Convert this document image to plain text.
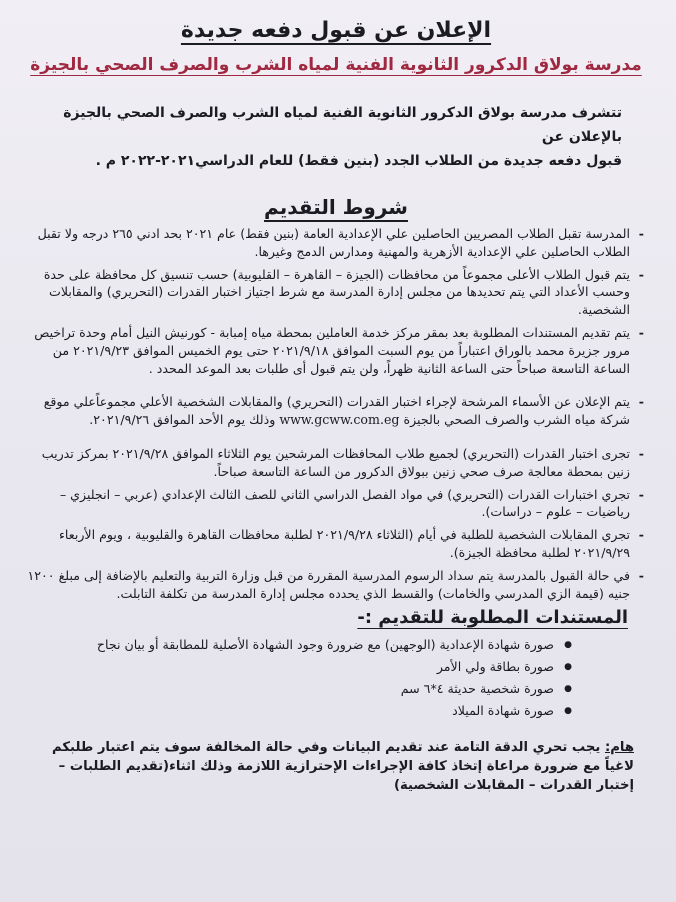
الإعلان عن قبول دفعه جديدة
مدرسة بولاق الدكرور الثانوية الفنية لمياه الشرب والصرف الصحي بالجيزة
تتشرف مدرسة بولاق الدكرور الثانوية الفنية لمياه الشرب والصرف الصحي بالجيزة بالإعلان عن
قبول دفعه جديدة من الطلاب الجدد (بنين فقط) للعام الدراسي٢٠٢١-٢٠٢٢ م .
شروط التقديم
- المدرسة تقبل الطلاب المصريين الحاصلين علي الإعدادية العامة (بنين فقط) عام ٢٠٢١ بحد ادني ٢٦٥ درجه ولا تقبل الطلاب الحاصلين علي الإعدادية الأزهرية والمهنية ومدارس الدمج وغيرها.
- يتم قبول الطلاب الأعلى مجموعاً من محافظات (الجيزة – القاهرة – القليوبية) حسب تنسيق كل محافظة على حدة وحسب الأعداد التي يتم تحديدها من مجلس إدارة المدرسة مع شرط اجتياز اختبار القدرات (التحريري) والمقابلات الشخصية.
- يتم تقديم المستندات المطلوبة بعد بمقر مركز خدمة العاملين بمحطة مياه إمبابة - كورنيش النيل أمام وحدة تراخيص مرور جزيرة محمد بالوراق اعتباراً من يوم السبت الموافق ٢٠٢١/٩/١٨ حتى يوم الخميس الموافق ٢٠٢١/٩/٢٣ من الساعة التاسعة صباحاً حتى الساعة الثانية ظهراً، ولن يتم قبول أى طلبات بعد الموعد المحدد .
- يتم الإعلان عن الأسماء المرشحة لإجراء اختبار القدرات (التحريري) والمقابلات الشخصية الأعلي مجموعاًعلي موقع شركة مياه الشرب والصرف الصحي بالجيزة www.gcww.com.eg وذلك يوم الأحد الموافق ٢٠٢١/٩/٢٦.
- تجرى اختبار القدرات (التحريري) لجميع طلاب المحافظات المرشحين يوم الثلاثاء الموافق ٢٠٢١/٩/٢٨ بمركز تدريب زنين بمحطة معالجة صرف صحي زنين ببولاق الدكرور من الساعة التاسعة صباحاً.
- تجري اختبارات القدرات (التحريري) في مواد الفصل الدراسي الثاني للصف الثالث الإعدادي (عربي – انجليزي – رياضيات – علوم – دراسات).
- تجري المقابلات الشخصية للطلبة في أيام (الثلاثاء ٢٠٢١/٩/٢٨ لطلبة محافظات القاهرة والقليوبية ، ويوم الأربعاء ٢٠٢١/٩/٢٩ لطلبة محافظة الجيزة).
- في حالة القبول بالمدرسة يتم سداد الرسوم المدرسية المقررة من قبل وزارة التربية والتعليم بالإضافة إلى مبلغ ١٢٠٠ جنيه (قيمة الزي المدرسي والخامات) والقسط الذي يحدده مجلس إدارة المدرسة من تكلفة التابلت.
المستندات المطلوبة للتقديم :-
● صورة شهادة الإعدادية (الوجهين) مع ضرورة وجود الشهادة الأصلية للمطابقة أو بيان نجاح
● صورة بطاقة ولي الأمر
● صورة شخصية حديثة ٤*٦ سم
● صورة شهادة الميلاد
هام: يجب تحري الدقة التامة عند تقديم البيانات وفي حالة المخالفة سوف يتم اعتبار طلبكم لاغياً مع ضرورة مراعاة إتخاذ كافة الإجراءات الإحترازية اللازمة وذلك اثناء(تقديم الطلبات – إختبار القدرات – المقابلات الشخصية)
